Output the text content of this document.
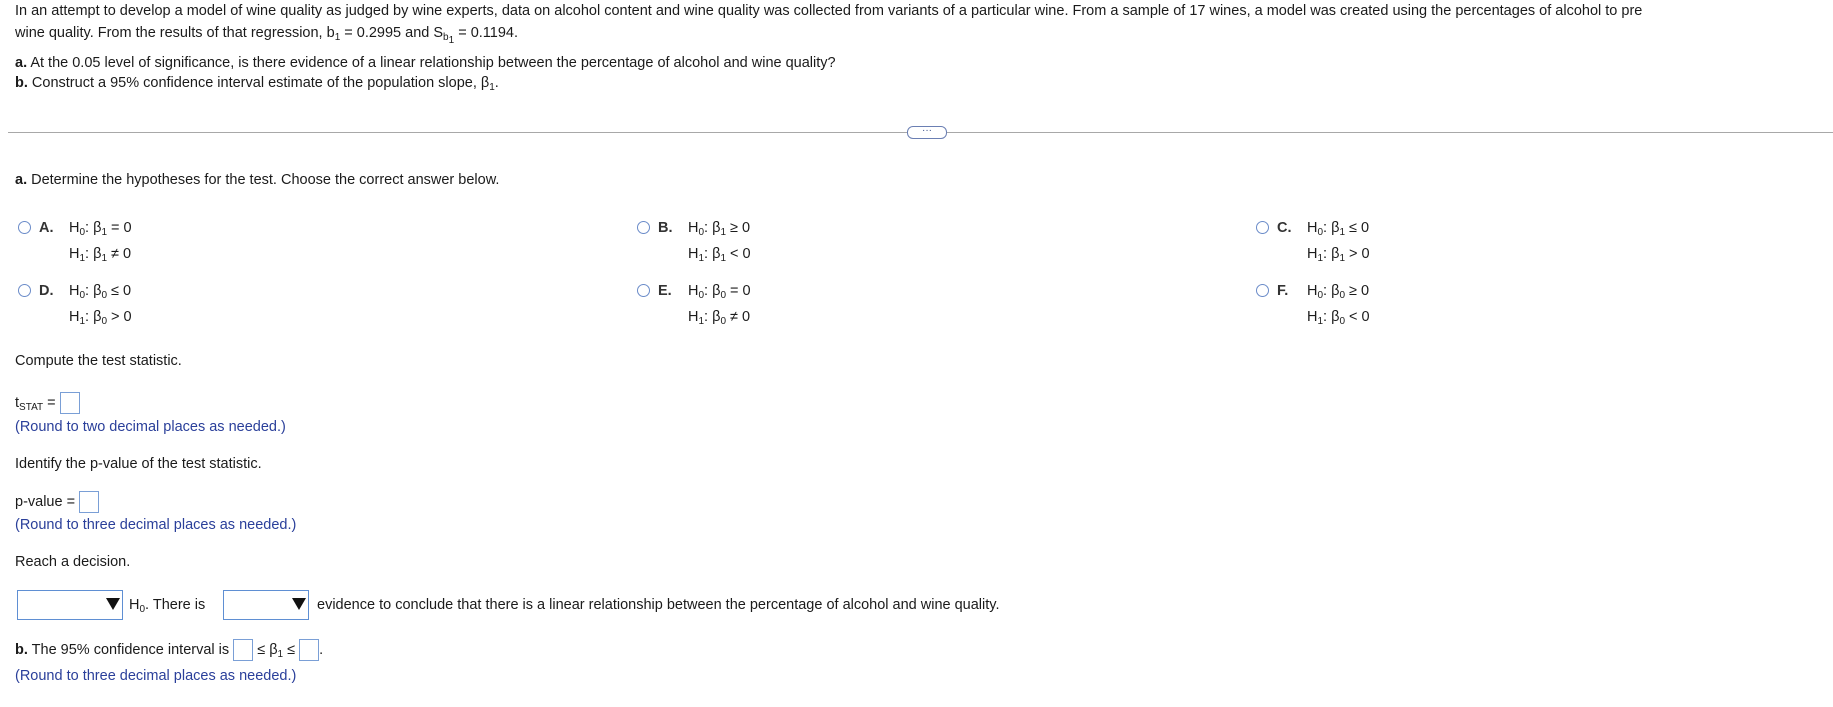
In an attempt to develop a model of wine quality as judged by wine experts, data on alcohol content and wine quality was collected from variants of a particular wine. From a sample of 17 wines, a model was created using the percentages of alcohol to pre
wine quality. From the results of that regression, $b_1 = 0.2995$ and $S_{b_1} = 0.1194$.
a. At the 0.05 level of significance, is there evidence of a linear relationship between the percentage of alcohol and wine quality?
b. Construct a 95% confidence interval estimate of the population slope, $\beta_1$.
···
a. Determine the hypotheses for the test. Choose the correct answer below.
A.	$H_0$: $\beta_1 = 0$
$H_1$: $\beta_1 \ne 0$
B.	$H_0$: $\beta_1 \ge 0$
$H_1$: $\beta_1 < 0$
C.	$H_0$: $\beta_1 \le 0$
$H_1$: $\beta_1 > 0$
D.	$H_0$: $\beta_0 \le 0$
$H_1$: $\beta_0 > 0$
E.	$H_0$: $\beta_0 = 0$
$H_1$: $\beta_0 \ne 0$
F.	$H_0$: $\beta_0 \ge 0$
$H_1$: $\beta_0 < 0$
Compute the test statistic.
$t_{STAT}$ =
(Round to two decimal places as needed.)
Identify the p-value of the test statistic.
p-value =
(Round to three decimal places as needed.)
Reach a decision.
$H_0$. There is	evidence to conclude that there is a linear relationship between the percentage of alcohol and wine quality.
b. The 95% confidence interval is ≤ $\beta_1$ ≤ .
(Round to three decimal places as needed.)
